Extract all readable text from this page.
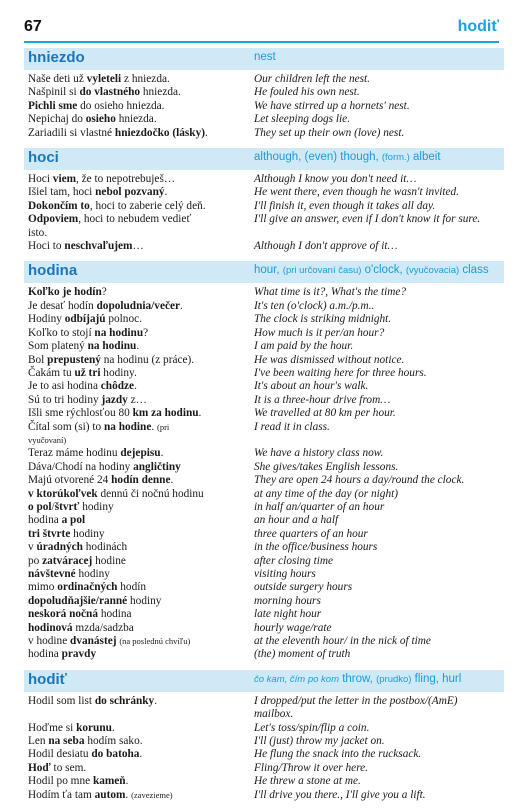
67	hodiť
hniezdo	nest
Naše deti už vyleteli z hniezda.	Our children left the nest.
Našpinil si do vlastného hniezda.	He fouled his own nest.
Pichli sme do osieho hniezda.	We have stirred up a hornets' nest.
Nepichaj do osieho hniezda.	Let sleeping dogs lie.
Zariadili si vlastné hniezdočko (lásky).	They set up their own (love) nest.
hoci	although, (even) though, (form.) albeit
Hoci viem, že to nepotrebuješ…	Although I know you don't need it…
Išiel tam, hoci nebol pozvaný.	He went there, even though he wasn't invited.
Dokončím to, hoci to zaberie celý deň.	I'll finish it, even though it takes all day.
Odpoviem, hoci to nebudem vedieť	I'll give an answer, even if I don't know it for sure.
isto.
Hoci to neschvaľujem…	Although I don't approve of it…
hodina	hour, (pri určovaní času) o'clock, (vyučovacia) class
Koľko je hodín?	What time is it?, What's the time?
Je desať hodín dopoludnia/večer.	It's ten (o'clock) a.m./p.m..
Hodiny odbíjajú polnoc.	The clock is striking midnight.
Koľko to stojí na hodinu?	How much is it per/an hour?
Som platený na hodinu.	I am paid by the hour.
Bol prepustený na hodinu (z práce).	He was dismissed without notice.
Čakám tu už tri hodiny.	I've been waiting here for three hours.
Je to asi hodina chôdze.	It's about an hour's walk.
Sú to tri hodiny jazdy z…	It is a three-hour drive from…
Išli sme rýchlosťou 80 km za hodinu.	We travelled at 80 km per hour.
Čítal som (si) to na hodine. (pri	I read it in class.
vyučovaní)
Teraz máme hodinu dejepisu.	We have a history class now.
Dáva/Chodí na hodiny angličtiny	She gives/takes English lessons.
Majú otvorené 24 hodín denne.	They are open 24 hours a day/round the clock.
v ktorúkoľvek dennú či nočnú hodinu	at any time of the day (or night)
o pol/štvrť hodiny	in half an/quarter of an hour
hodina a pol	an hour and a half
tri štvrte hodiny	three quarters of an hour
v úradných hodinách	in the office/business hours
po zatváracej hodine	after closing time
návštevné hodiny	visiting hours
mimo ordinačných hodín	outside surgery hours
dopoludňajšie/ranné hodiny	morning hours
neskorá nočná hodina	late night hour
hodinová mzda/sadzba	hourly wage/rate
v hodine dvanástej (na poslednú chvíľu)	at the eleventh hour/ in the nick of time
hodina pravdy	(the) moment of truth
hodiť	čo kam, čím po kom throw, (prudko) fling, hurl
Hodil som list do schránky.	I dropped/put the letter in the postbox/(AmE)
mailbox.
Hoďme si korunu.	Let's toss/spin/flip a coin.
Len na seba hodím sako.	I'll (just) throw my jacket on.
Hodil desiatu do batoha.	He flung the snack into the rucksack.
Hoď to sem.	Fling/Throw it over here.
Hodil po mne kameň.	He threw a stone at me.
Hodím ťa tam autom. (zavezieme)	I'll drive you there., I'll give you a lift.
